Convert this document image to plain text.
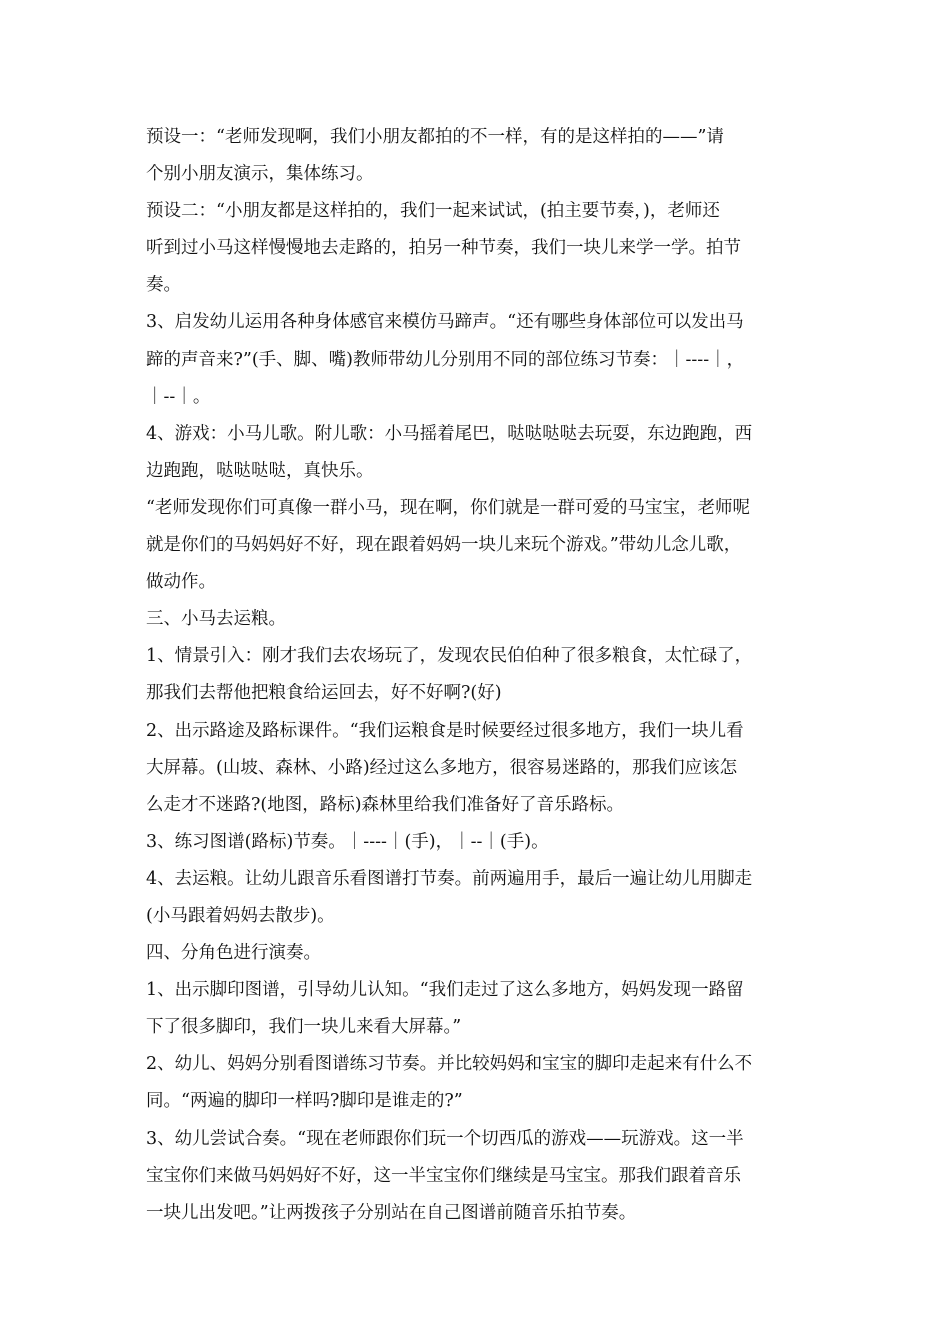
预设一：“老师发现啊，我们小朋友都拍的不一样，有的是这样拍的——”请
个别小朋友演示，集体练习。
预设二：“小朋友都是这样拍的，我们一起来试试，(拍主要节奏，)，老师还
听到过小马这样慢慢地去走路的，拍另一种节奏，我们一块儿来学一学。拍节
奏。
3、启发幼儿运用各种身体感官来模仿马蹄声。“还有哪些身体部位可以发出马
蹄的声音来?”(手、脚、嘴)教师带幼儿分别用不同的部位练习节奏：｜----｜，
｜--｜。
4、游戏：小马儿歌。附儿歌：小马摇着尾巴，哒哒哒哒去玩耍，东边跑跑，西
边跑跑，哒哒哒哒，真快乐。
“老师发现你们可真像一群小马，现在啊，你们就是一群可爱的马宝宝，老师呢
就是你们的马妈妈好不好，现在跟着妈妈一块儿来玩个游戏。”带幼儿念儿歌，
做动作。
三、小马去运粮。
1、情景引入：刚才我们去农场玩了，发现农民伯伯种了很多粮食，太忙碌了，
那我们去帮他把粮食给运回去，好不好啊?(好)
2、出示路途及路标课件。“我们运粮食是时候要经过很多地方，我们一块儿看
大屏幕。(山坡、森林、小路)经过这么多地方，很容易迷路的，那我们应该怎
么走才不迷路?(地图，路标)森林里给我们准备好了音乐路标。
3、练习图谱(路标)节奏。｜----｜(手)，｜--｜(手)。
4、去运粮。让幼儿跟音乐看图谱打节奏。前两遍用手，最后一遍让幼儿用脚走
(小马跟着妈妈去散步)。
四、分角色进行演奏。
1、出示脚印图谱，引导幼儿认知。“我们走过了这么多地方，妈妈发现一路留
下了很多脚印，我们一块儿来看大屏幕。”
2、幼儿、妈妈分别看图谱练习节奏。并比较妈妈和宝宝的脚印走起来有什么不
同。“两遍的脚印一样吗?脚印是谁走的?”
3、幼儿尝试合奏。“现在老师跟你们玩一个切西瓜的游戏——玩游戏。这一半
宝宝你们来做马妈妈好不好，这一半宝宝你们继续是马宝宝。那我们跟着音乐
一块儿出发吧。”让两拨孩子分别站在自己图谱前随音乐拍节奏。
